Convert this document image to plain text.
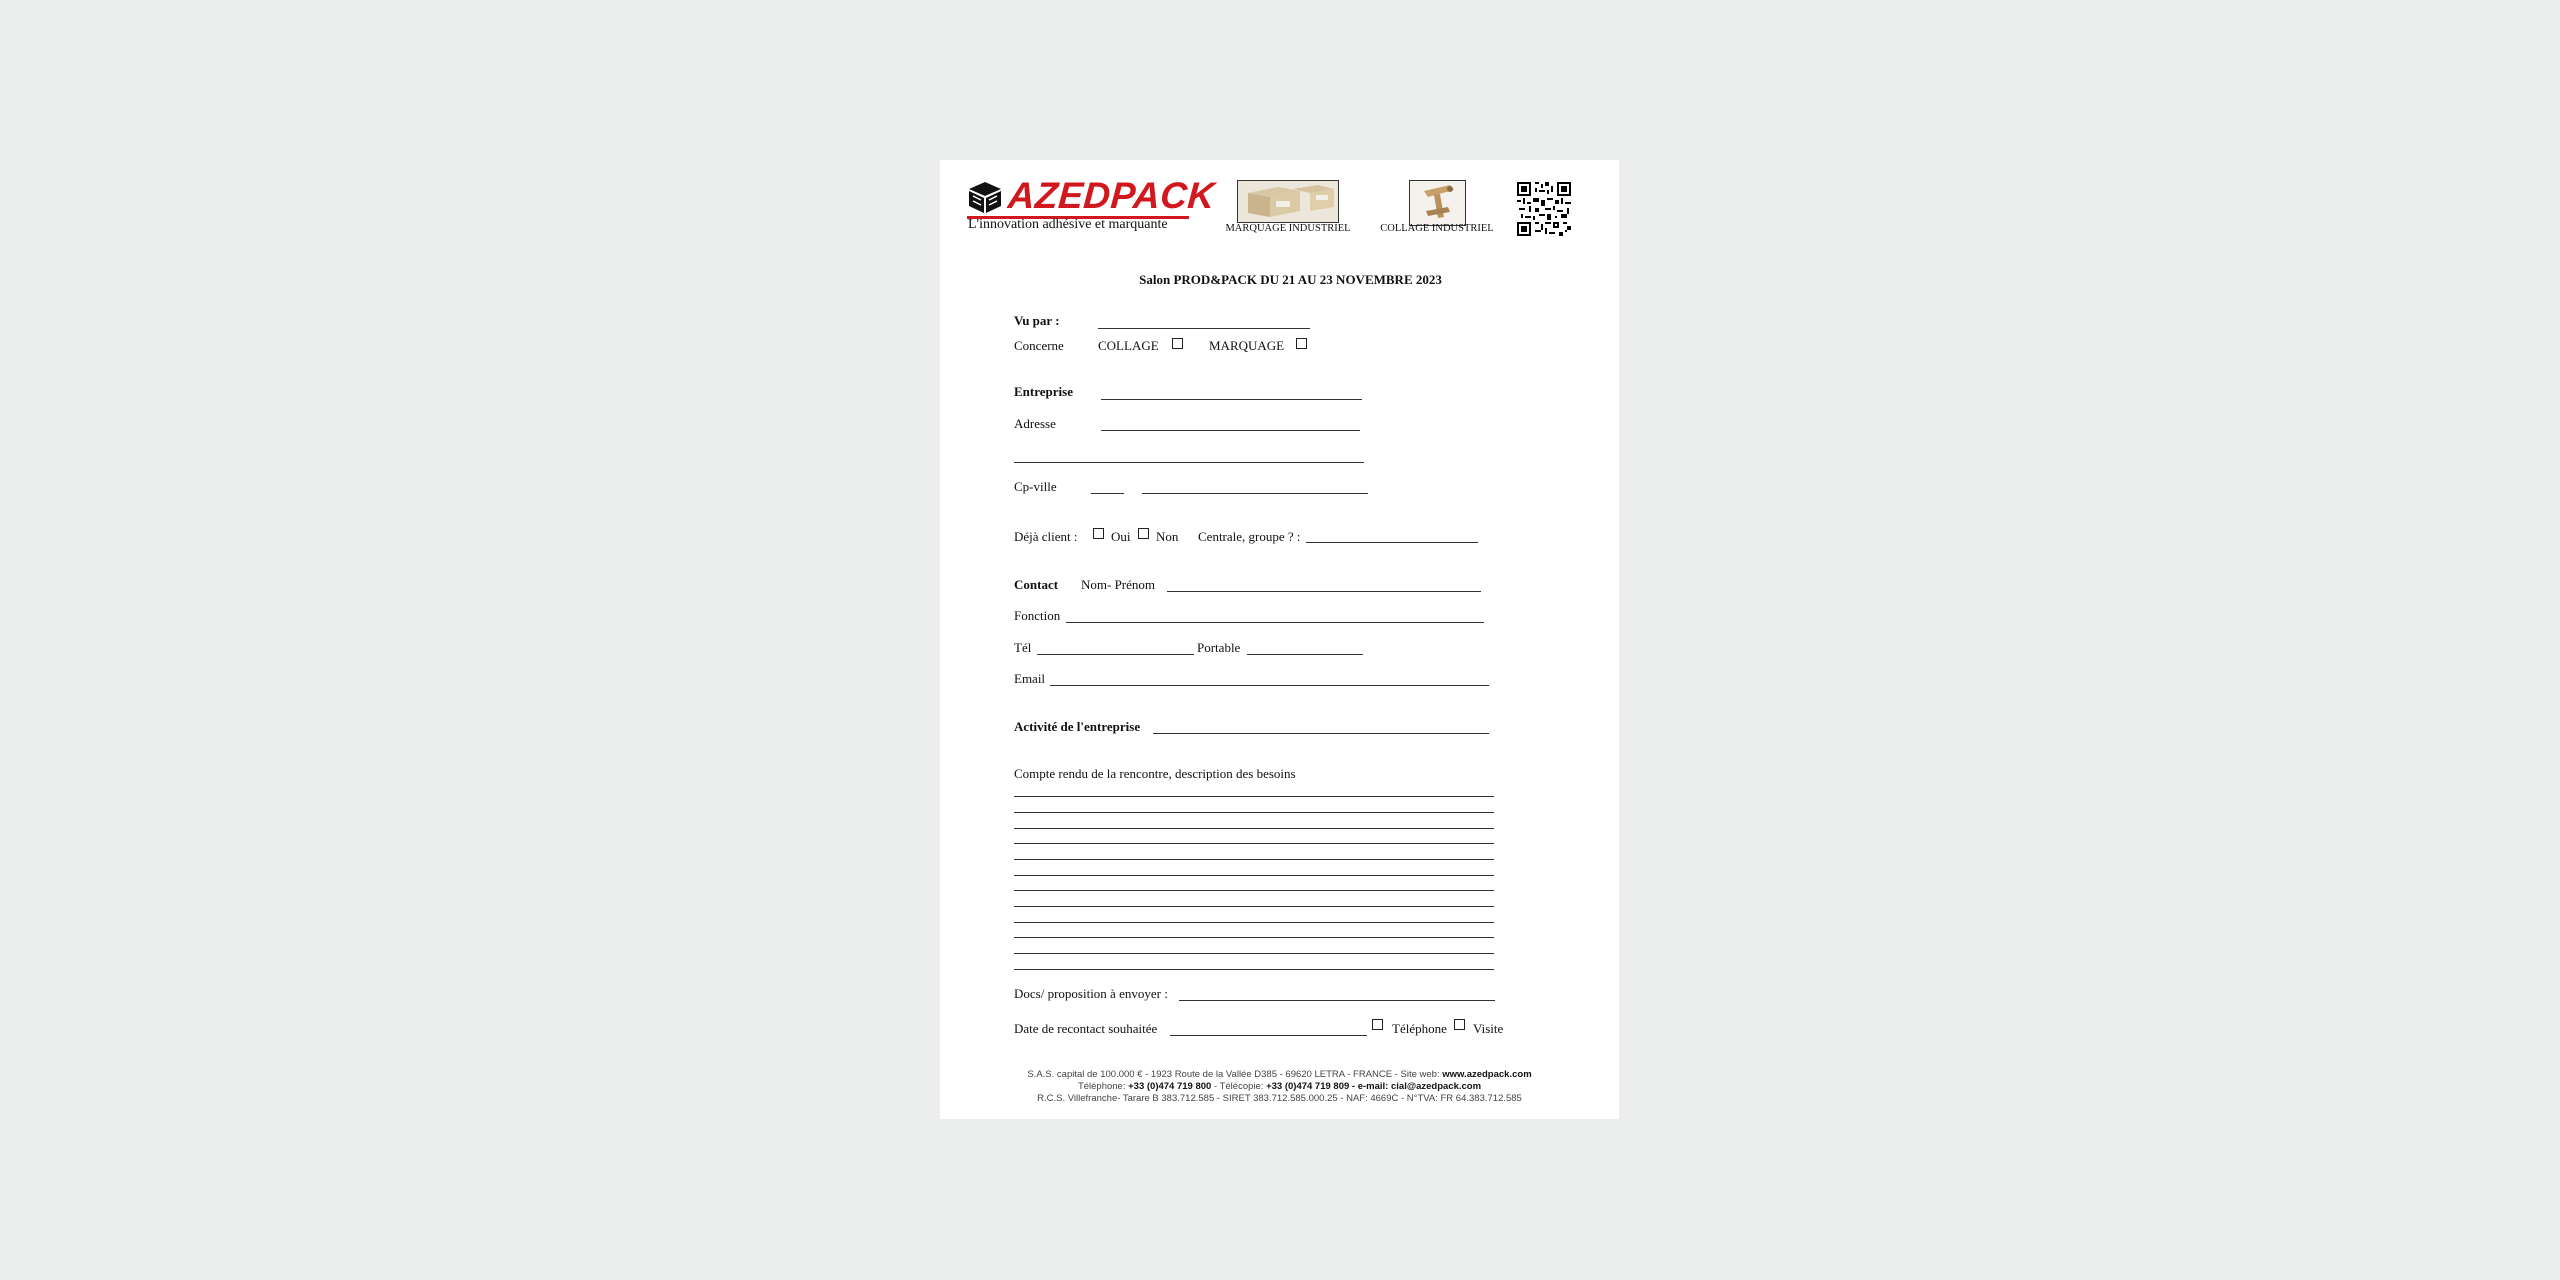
AZEDPACK
L'innovation adhésive et marquante	MARQUAGE INDUSTRIEL	COLLAGE INDUSTRIEL
Salon PROD&PACK DU 21 AU 23 NOVEMBRE 2023
Vu par :
Concerne	COLLAGE	MARQUAGE
Entreprise
Adresse
Cp-ville
Déjà client :	Oui Non Centrale, groupe ? :
Contact Nom- Prénom
Fonction
Tél	Portable
Email
Activité de l'entreprise
Compte rendu de la rencontre, description des besoins
Docs/ proposition à envoyer :
Date de recontact souhaitée	Téléphone Visite
S.A.S. capital de 100.000 € - 1923 Route de la Vallée D385 - 69620 LETRA - FRANCE - Site web: www.azedpack.com
Téléphone: +33 (0)474 719 800 - Télécopie: +33 (0)474 719 809 - e-mail: cial@azedpack.com
R.C.S. Villefranche- Tarare B 383.712.585 - SIRET 383.712.585.000.25 - NAF: 4669C - N°TVA: FR 64.383.712.585
